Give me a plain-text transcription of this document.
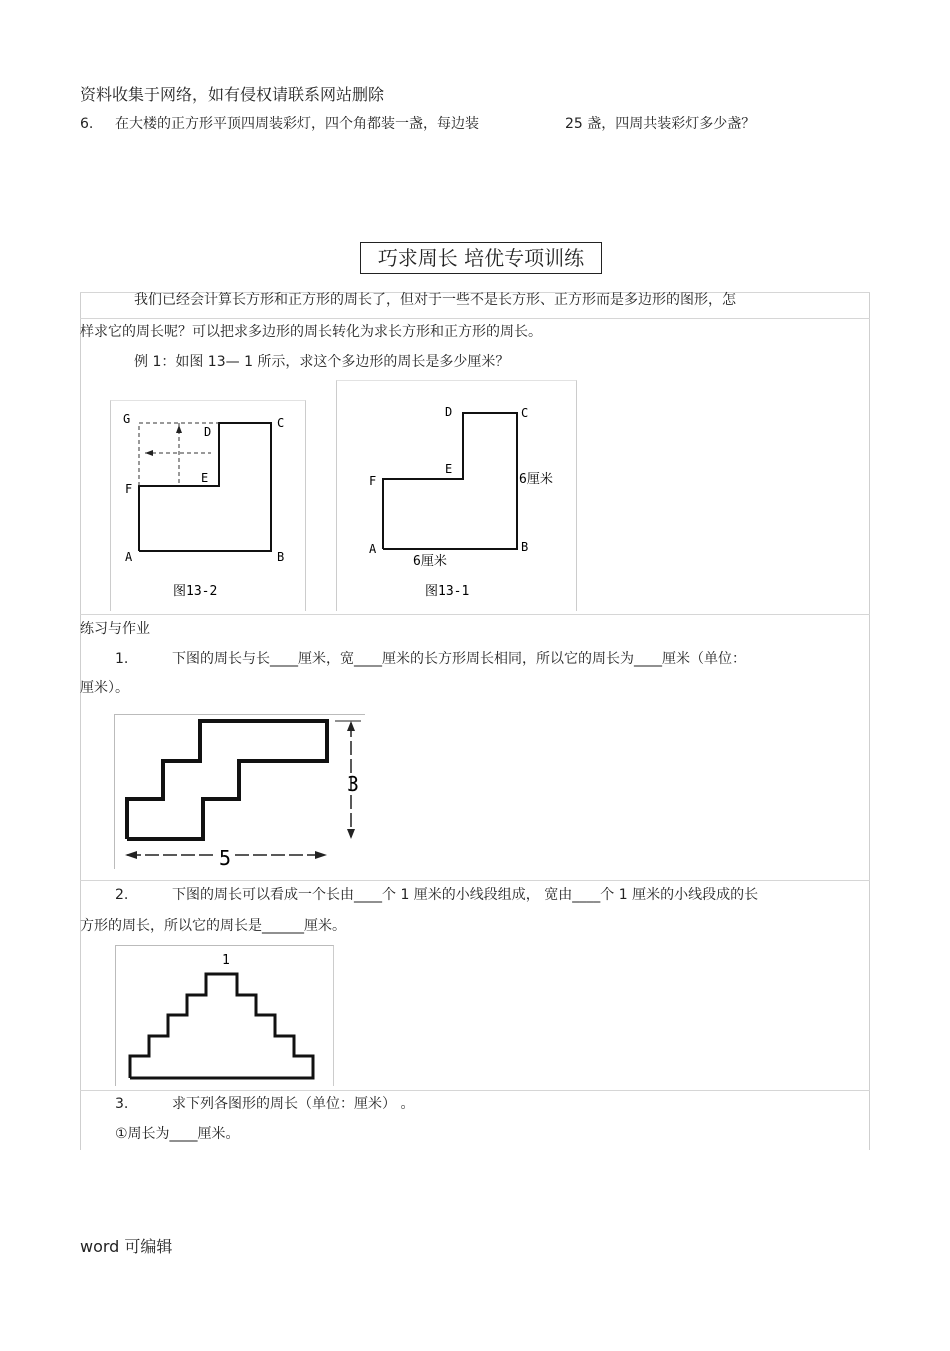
资料收集于网络，如有侵权请联系网站删除
6. 在大楼的正方形平顶四周装彩灯，四个角都装一盏，每边装	25 盏，四周共装彩灯多少盏？
巧求周长 培优专项训练
我们已经会计算长方形和正方形的周长了，但对于一些不是长方形、正方形而是多边形的图形，怎
样求它的周长呢？可以把求多边形的周长转化为求长方形和正方形的周长。
例 1：如图 13— 1 所示，求这个多边形的周长是多少厘米？
G
D
C
E
F
A	B
图13-2
D	C
E
F	6厘米
A	B
6厘米
图13-1
练习与作业
1.	下图的周长与长____厘米，宽____厘米的长方形周长相同，所以它的周长为____厘米（单位：
厘米）。
3
5
2.	下图的周长可以看成一个长由____个 1 厘米的小线段组成， 宽由____个 1 厘米的小线段成的长
方形的周长，所以它的周长是______厘米。
1
3.	求下列各图形的周长（单位：厘米） 。
①周长为____厘米。
word 可编辑
